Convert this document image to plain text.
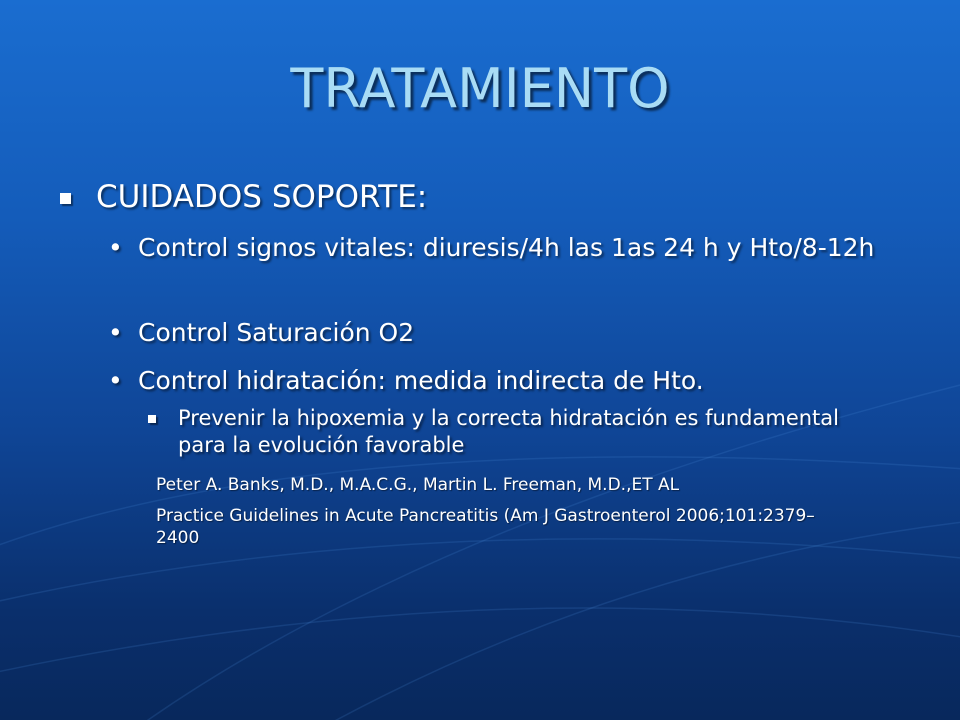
TRATAMIENTO
CUIDADOS SOPORTE:
• Control signos vitales: diuresis/4h las 1as 24 h y Hto/8-12h
• Control Saturación O2
• Control hidratación: medida indirecta de Hto.
Prevenir la hipoxemia y la correcta hidratación es fundamental para la evolución favorable
Peter A. Banks, M.D., M.A.C.G., Martin L. Freeman, M.D.,ET AL
Practice Guidelines in Acute Pancreatitis (Am J Gastroenterol 2006;101:2379–2400
